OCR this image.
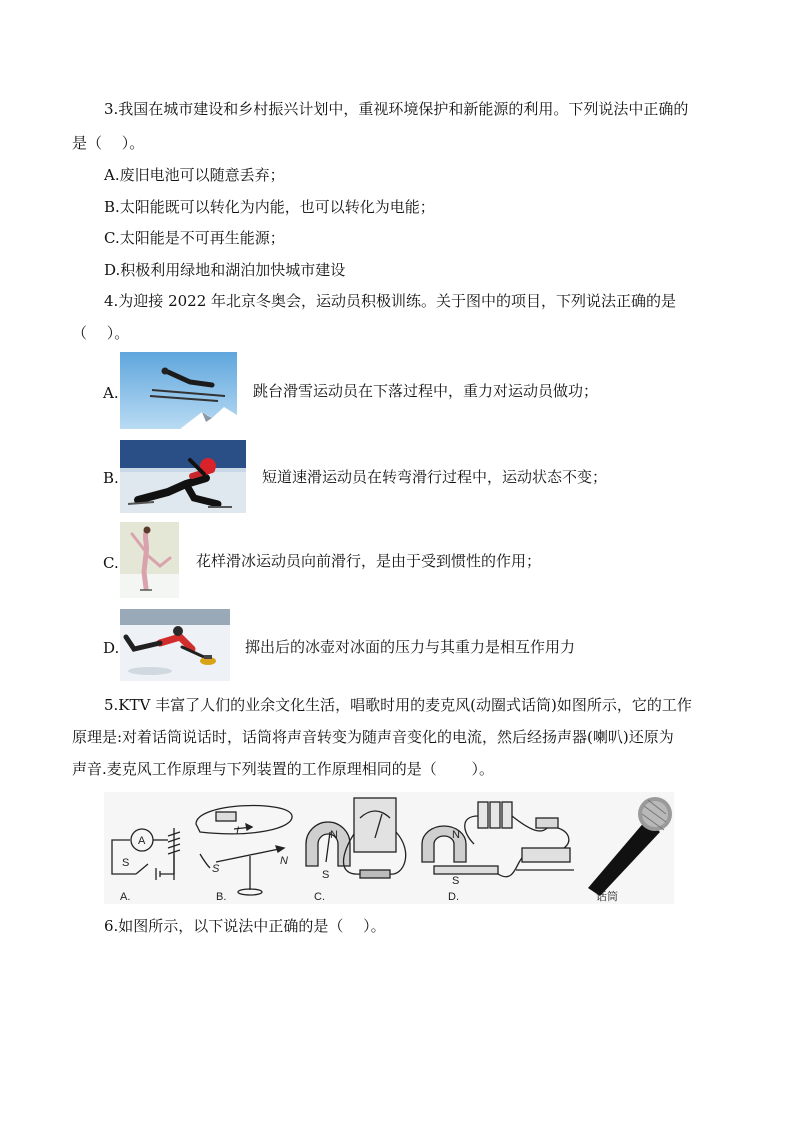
3.我国在城市建设和乡村振兴计划中，重视环境保护和新能源的利用。下列说法中正确的
是（　 ）。
A.废旧电池可以随意丢弃；
B.太阳能既可以转化为内能，也可以转化为电能；
C.太阳能是不可再生能源；
D.积极利用绿地和湖泊加快城市建设
4.为迎接 2022 年北京冬奥会，运动员积极训练。关于图中的项目，下列说法正确的是
（　 ）。
A.	跳台滑雪运动员在下落过程中，重力对运动员做功；
B.	短道速滑运动员在转弯滑行过程中，运动状态不变；
C.	花样滑冰运动员向前滑行，是由于受到惯性的作用；
D.	掷出后的冰壶对冰面的压力与其重力是相互作用力
5.KTV 丰富了人们的业余文化生活，唱歌时用的麦克风(动圈式话筒)如图所示，它的工作
原理是:对着话筒说话时，话筒将声音转变为随声音变化的电流，然后经扬声器(喇叭)还原为
声音.麦克风工作原理与下列装置的工作原理相同的是（　　 ）。
A
S
I
S
N
N
S
N
S
A.	B.	C.	D.	话筒
6.如图所示，以下说法中正确的是（　 ）。
